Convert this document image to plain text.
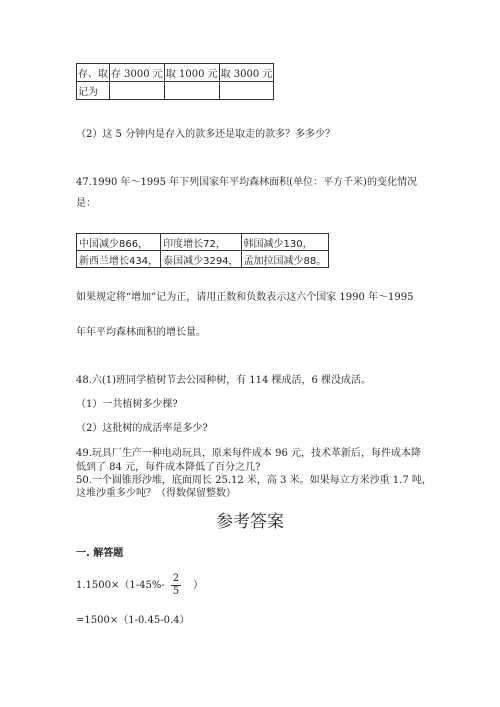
存、取	存 3000 元	取 1000 元	取 3000 元
记为			
（2）这 5 分钟内是存入的款多还是取走的款多？多多少？
47.1990 年～1995 年下列国家年平均森林面积(单位：平方千米)的变化情况
是：
中国减少866，	印度增长72，	韩国减少130，
新西兰增长434，	泰国减少3294，	孟加拉国减少88。
如果规定将“增加”记为正，请用正数和负数表示这六个国家 1990 年～1995
年年平均森林面积的增长量。
48.六(1)班同学植树节去公园种树，有 114 棵成活，6 棵没成活。
（1）一共植树多少棵?
（2）这批树的成活率是多少?
49.玩具厂生产一种电动玩具，原来每件成本 96 元，技术革新后，每件成本降
低到了 84 元，每件成本降低了百分之几?
50.一个圆锥形沙堆，底面周长 25.12 米，高 3 米。如果每立方米沙重 1.7 吨，
这堆沙重多少吨？（得数保留整数）
参考答案
一. 解答题
$1.1500\times(1-45\%- \frac{2}{5}$ ）
=1500×（1-0.45-0.4）
